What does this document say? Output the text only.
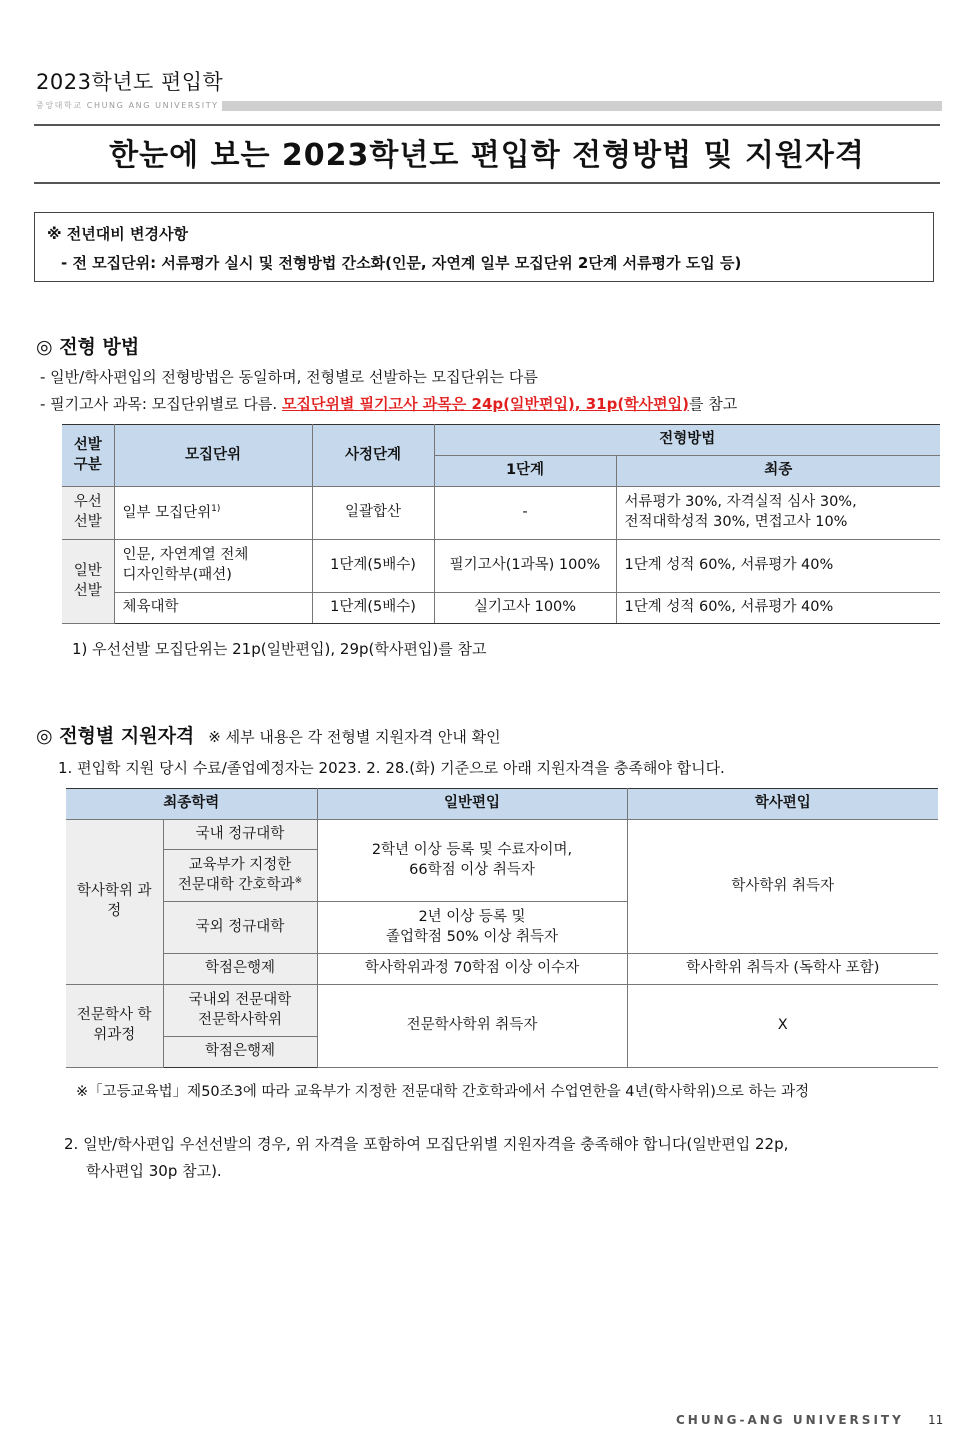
2023학년도 편입학
중앙대학교 CHUNG ANG UNIVERSITY
한눈에 보는 2023학년도 편입학 전형방법 및 지원자격
※ 전년대비 변경사항
- 전 모집단위: 서류평가 실시 및 전형방법 간소화(인문, 자연계 일부 모집단위 2단계 서류평가 도입 등)
◎ 전형 방법
- 일반/학사편입의 전형방법은 동일하며, 전형별로 선발하는 모집단위는 다름
- 필기고사 과목: 모집단위별로 다름. 모집단위별 필기고사 과목은 24p(일반편입), 31p(학사편입)를 참고
선발 구분	모집단위	사정단계	전형방법	
			1단계	최종
우선 선발	일부 모집단위$^{1)}$	일괄합산	-	서류평가 30%, 자격실적 심사 30%,
전적대학성적 30%, 면접고사 10%

일반 선발	인문, 자연계열 전체
디자인학부(패션)	1단계(5배수)	필기고사(1과목) 100%	1단계 성적 60%, 서류평가 40%
	체육대학	1단계(5배수)	실기고사 100%	1단계 성적 60%, 서류평가 40%
1) 우선선발 모집단위는 21p(일반편입), 29p(학사편입)를 참고
◎ 전형별 지원자격 ※ 세부 내용은 각 전형별 지원자격 안내 확인
1. 편입학 지원 당시 수료/졸업예정자는 2023. 2. 28.(화) 기준으로 아래 지원자격을 충족해야 합니다.
최종학력		일반편입	학사편입
학사학위 과정	국내 정규대학	2학년 이상 등록 및 수료자이며,
66학점 이상 취득자	학사학위 취득자

	교육부가 지정한
전문대학 간호학과※

	국외 정규대학	2년 이상 등록 및
졸업학점 50% 이상 취득자	

	학점은행제	학사학위과정 70학점 이상 이수자	학사학위 취득자 (독학사 포함)
전문학사 학위과정	국내외 전문대학
전문학사학위	전문학사학위 취득자	X
	학점은행제		
※「고등교육법」제50조3에 따라 교육부가 지정한 전문대학 간호학과에서 수업연한을 4년(학사학위)으로 하는 과정
2. 일반/학사편입 우선선발의 경우, 위 자격을 포함하여 모집단위별 지원자격을 충족해야 합니다(일반편입 22p,
학사편입 30p 참고).
CHUNG-ANG UNIVERSITY 11
